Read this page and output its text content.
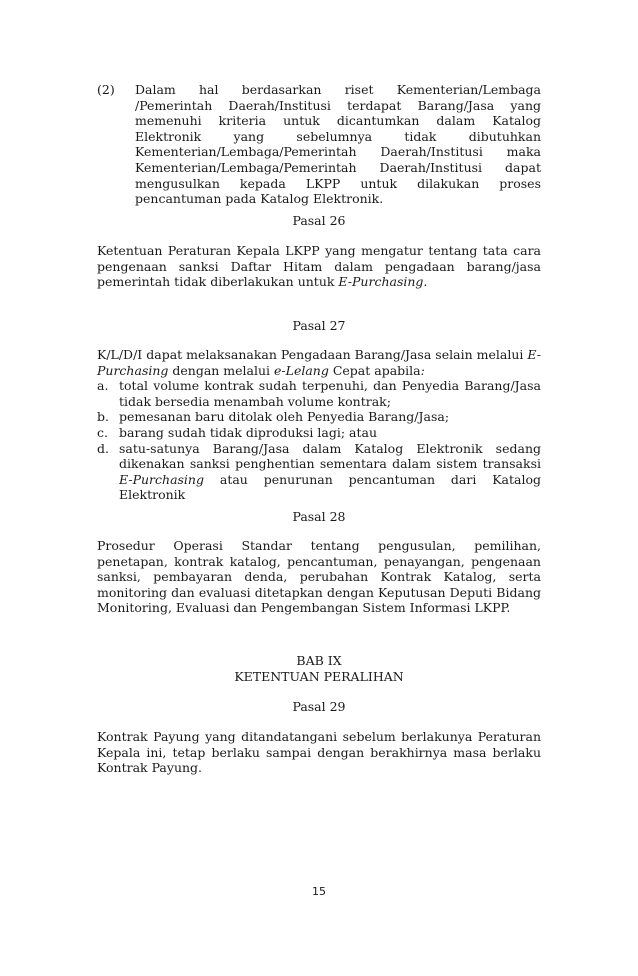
(2) Dalam hal berdasarkan riset Kementerian/Lembaga /Pemerintah Daerah/Institusi terdapat Barang/Jasa yang memenuhi kriteria untuk dicantumkan dalam Katalog Elektronik yang sebelumnya tidak dibutuhkan Kementerian/Lembaga/Pemerintah Daerah/Institusi maka Kementerian/Lembaga/Pemerintah Daerah/Institusi dapat mengusulkan kepada LKPP untuk dilakukan proses pencantuman pada Katalog Elektronik.
Pasal 26
Ketentuan Peraturan Kepala LKPP yang mengatur tentang tata cara pengenaan sanksi Daftar Hitam dalam pengadaan barang/jasa pemerintah tidak diberlakukan untuk E-Purchasing.
Pasal 27
K/L/D/I dapat melaksanakan Pengadaan Barang/Jasa selain melalui E-Purchasing dengan melalui e-Lelang Cepat apabila:
a. total volume kontrak sudah terpenuhi, dan Penyedia Barang/Jasa tidak bersedia menambah volume kontrak;
b. pemesanan baru ditolak oleh Penyedia Barang/Jasa;
c. barang sudah tidak diproduksi lagi; atau
d. satu-satunya Barang/Jasa dalam Katalog Elektronik sedang dikenakan sanksi penghentian sementara dalam sistem transaksi E-Purchasing atau penurunan pencantuman dari Katalog Elektronik
Pasal 28
Prosedur Operasi Standar tentang pengusulan, pemilihan, penetapan, kontrak katalog, pencantuman, penayangan, pengenaan sanksi, pembayaran denda, perubahan Kontrak Katalog, serta monitoring dan evaluasi ditetapkan dengan Keputusan Deputi Bidang Monitoring, Evaluasi dan Pengembangan Sistem Informasi LKPP.
BAB IX
KETENTUAN PERALIHAN
Pasal 29
Kontrak Payung yang ditandatangani sebelum berlakunya Peraturan Kepala ini, tetap berlaku sampai dengan berakhirnya masa berlaku Kontrak Payung.
15
